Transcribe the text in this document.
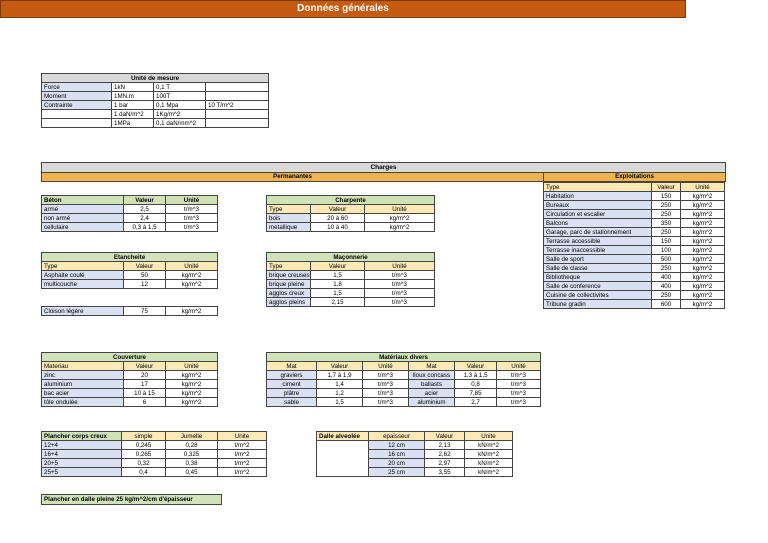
Données générales
Unité de mesure			
Force	1kN	0,1 T	
Moment	1MN.m	100T	
Contrainte	1 bar	0,1 Mpa	10 T/m^2
	1 daN/m^2	1Kg/m^2	
	1MPa	0,1 daN/mm^2	
Charges
Permanantes	Exploitations
Type	Valeur	Unité
Habitation	150	kg/m^2
Bureaux	250	kg/m^2
Circulation et escalier	250	kg/m^2
Balcons	350	kg/m^2
Garage, parc de stationnement	250	kg/m^2
Terrasse accessible	150	kg/m^2
Terrasse inaccessible	100	kg/m^2
Salle de sport	500	kg/m^2
Salle de classe	250	kg/m^2
Bibliotheque	400	kg/m^2
Salle de conference	400	kg/m^2
Cuisine de collectivites	250	kg/m^2
Tribune gradin	600	kg/m^2
Béton	Valeur	Unité
armé	2,5	t/m^3
non armé	2,4	t/m^3
cellulaire	0,3 à 1,5	t/m^3
Charpente		
Type	Valeur	Unité
bois	20 à 60	kg/m^2
metallique	10 à 40	kg/m^2
Etancheite		
Type	Valeur	Unité
Asphalte coulé	50	kg/m^2
multicouche	12	kg/m^2
Cloison légère	75	kg/m^2
Maçonnerie		
Type	Valeur	Unité
brique creuses	1,5	t/m^3
brique pleine	1,8	t/m^3
agglos creux	1,5	t/m^3
agglos pleins	2,15	t/m^3
Couverture		
Materiau	Valeur	Unité
zinc	20	kg/m^2
aluminium	17	kg/m^2
bac acier	10 à 15	kg/m^2
tôle ondulée	6	kg/m^2
Matériaux divers					
Mat	Valeur	Unité	Mat	Valeur	Unité
graviers	1,7 à 1,9	t/m^3	lloux concass	1,3 à 1,5	t/m^3
ciment	1,4	t/m^3	ballasts	0,8	t/m^3
plâtre	1,2	t/m^3	acier	7,85	t/m^3
sable	1,5	t/m^3	aluminium	2,7	t/m^3
Plancher corps creux	simple	Jumelle	Unite
12+4	0,245	0,28	t/m^2
16+4	0,265	0,325	t/m^2
20+5	0,32	0,38	t/m^2
25+5	0,4	0,45	t/m^2
Dalle alveolée	epaisseur	Valeur	Unite
	12 cm	2,13	kN/m^2
	16 cm	2,62	kN/m^2
	20 cm	2,97	kN/m^2
	25 cm	3,55	kN/m^2
Plancher en dalle pleine 25 kg/m^2/cm d'épaisseur
